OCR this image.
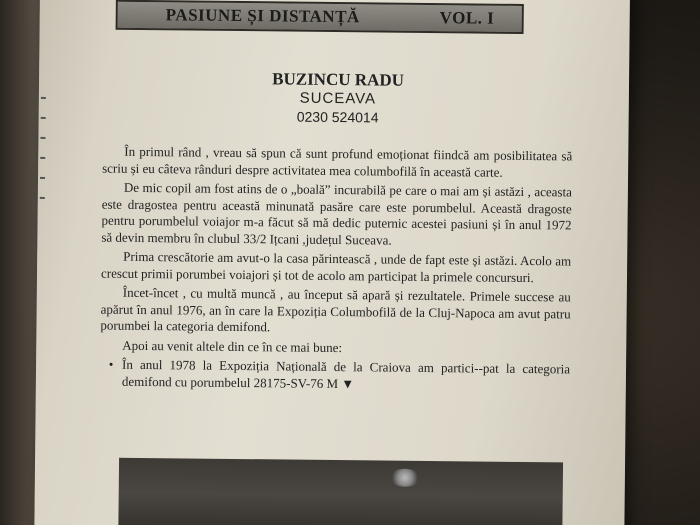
PASIUNE ȘI DISTANȚĂ	VOL. I

BUZINCU RADU

SUCEAVA

0230 524014

În primul rând , vreau să spun că sunt profund emoționat fiindcă am posibilitatea să scriu și eu câteva rânduri despre activitatea mea columbofilă în această carte.

De mic copil am fost atins de o „boală” incurabilă pe care o mai am și astăzi , aceasta este dragostea pentru această minunată pasăre care este porumbelul. Această dragoste pentru porumbelul voiajor m-a făcut să mă dedic puternic acestei pasiuni și în anul 1972 să devin membru în clubul 33/2 Ițcani ,județul Suceava.

Prima crescătorie am avut-o la casa părintească , unde de fapt este și astăzi. Acolo am crescut primii porumbei voiajori și tot de acolo am participat la primele concursuri.

Încet-încet , cu multă muncă , au început să apară și rezultatele. Primele succese au apărut în anul 1976, an în care la Expoziția Columbofilă de la Cluj-Napoca am avut patru porumbei la categoria demifond.

Apoi au venit altele din ce în ce mai bune:

• În anul 1978 la Expoziția Națională de la Craiova am partici--pat la categoria demifond cu porumbelul 28175-SV-76 M ▼
